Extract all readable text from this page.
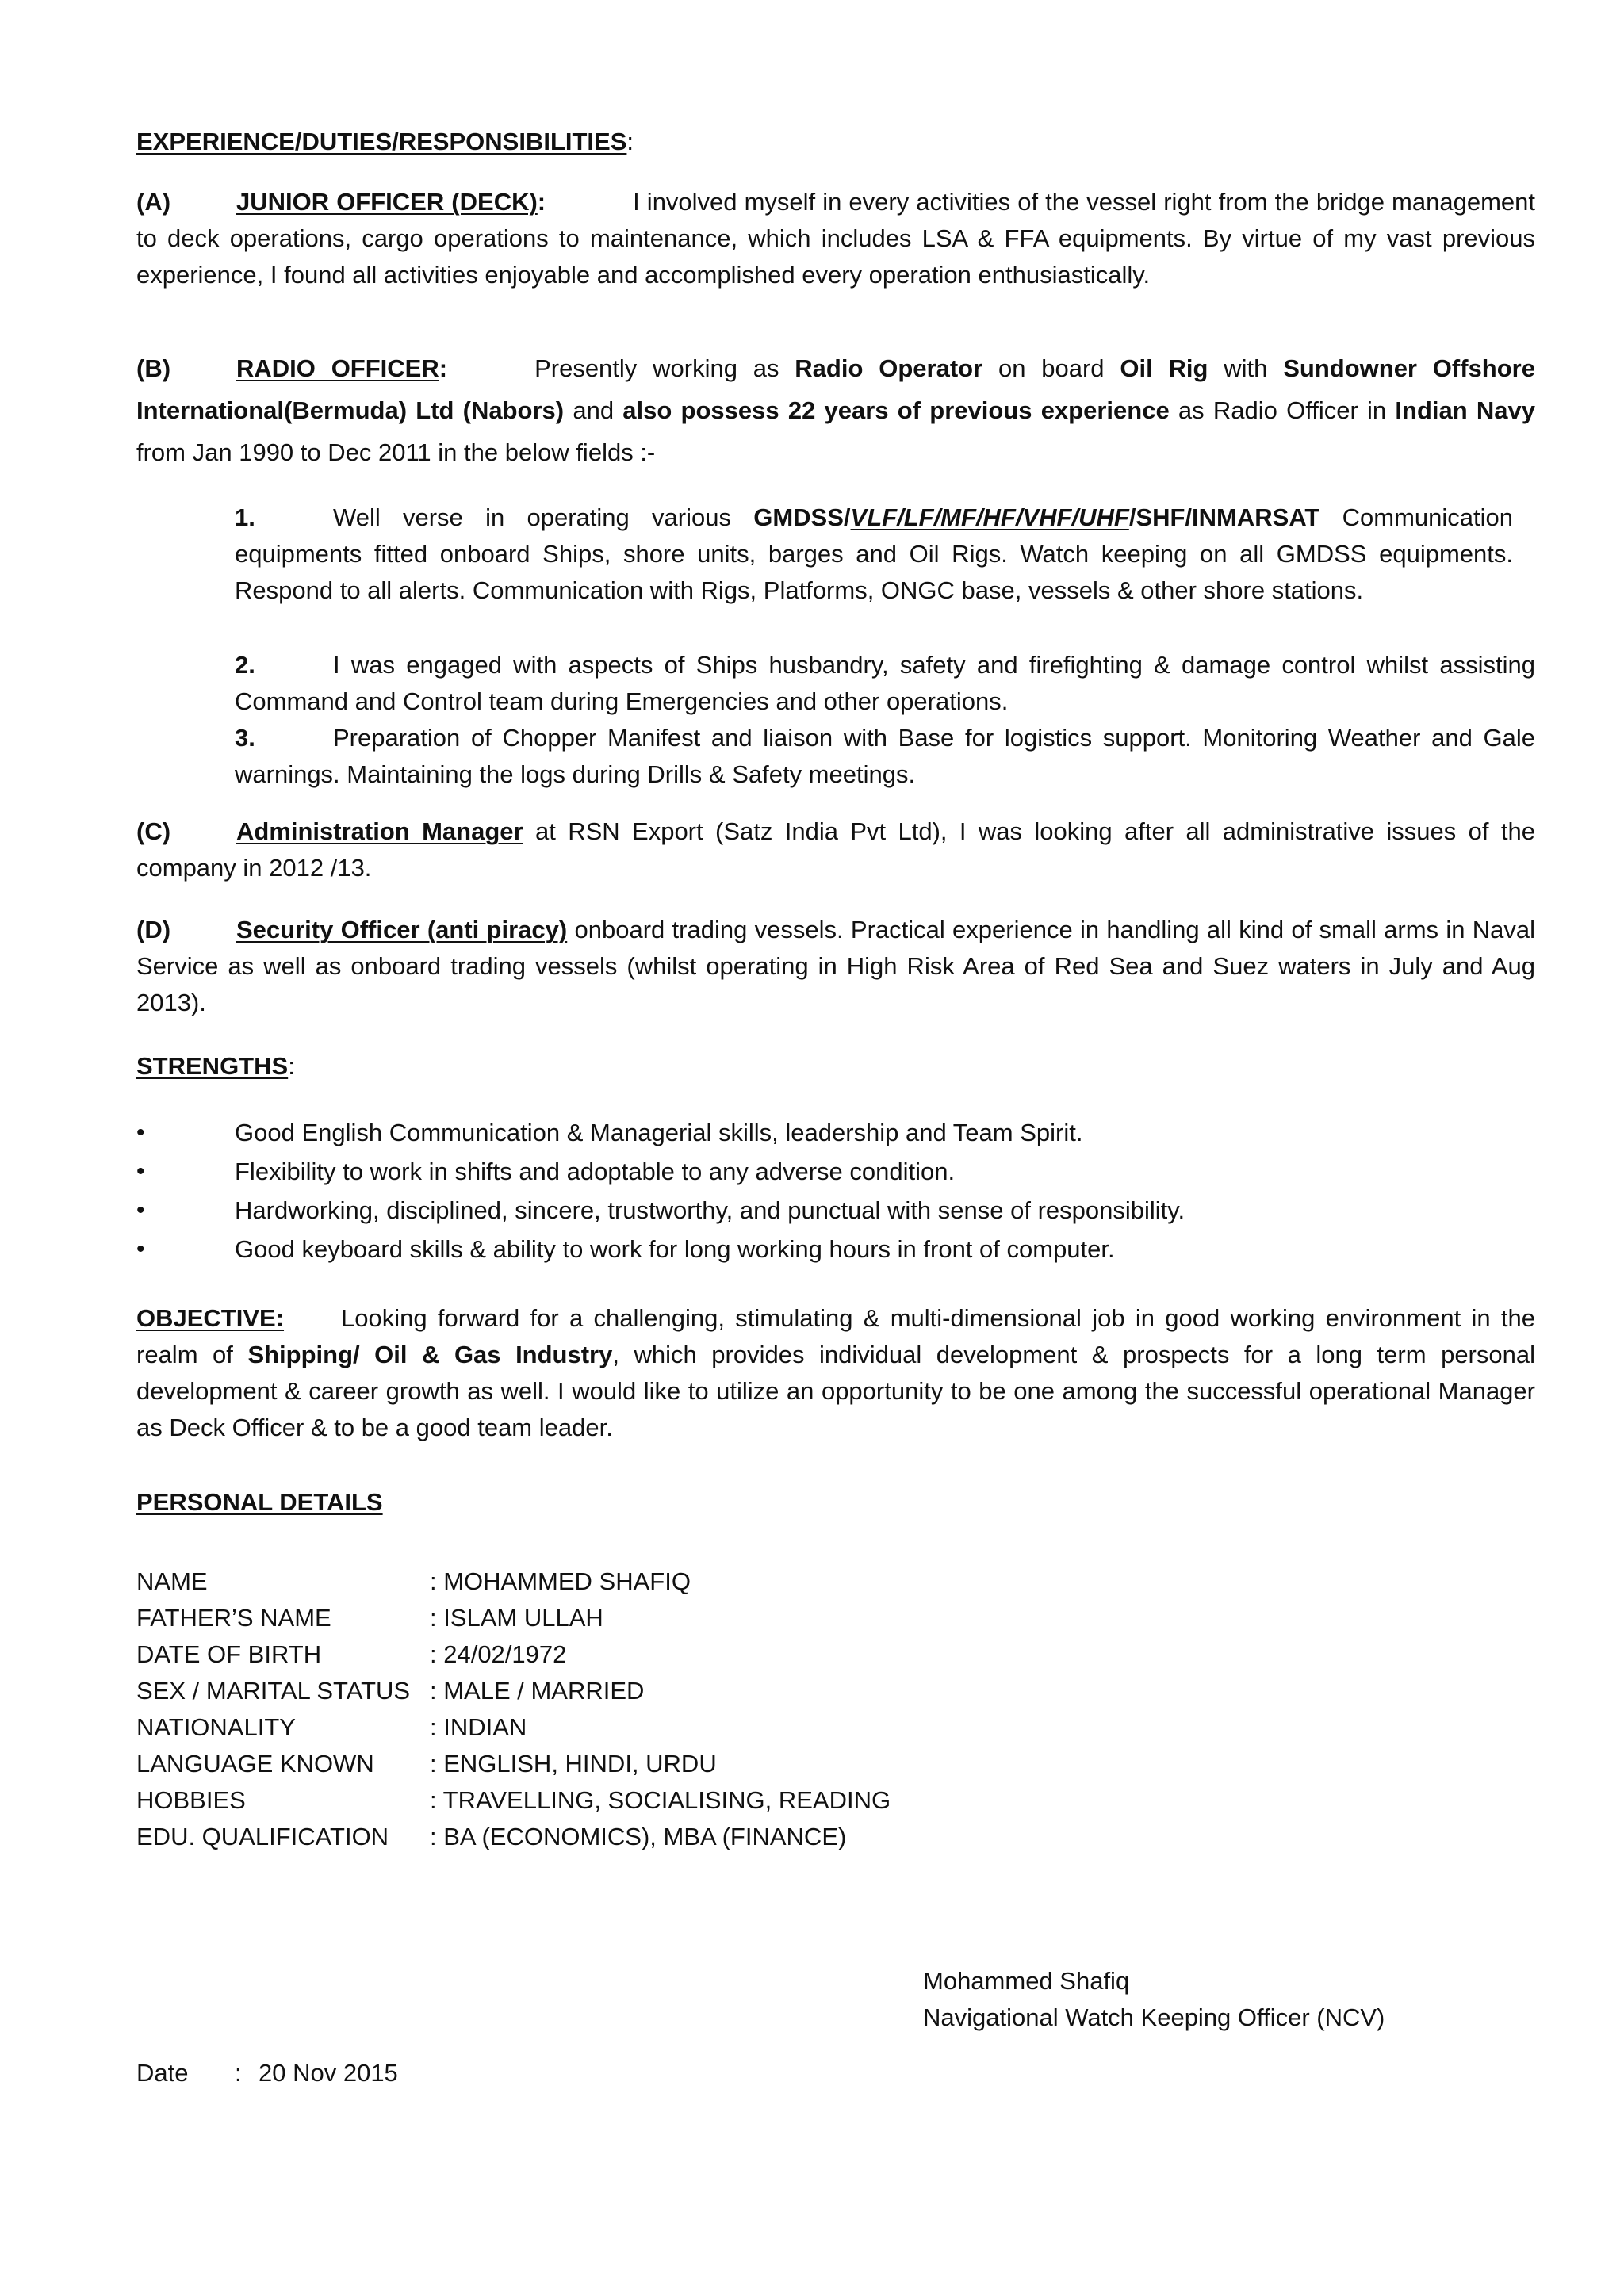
EXPERIENCE/DUTIES/RESPONSIBILITIES:

(A)	JUNIOR OFFICER (DECK):	I involved myself in every activities of the vessel right from the bridge management to deck operations, cargo operations to maintenance, which includes LSA & FFA equipments. By virtue of my vast previous experience, I found all activities enjoyable and accomplished every operation enthusiastically.

(B)	RADIO OFFICER:	Presently working as Radio Operator on board Oil Rig with Sundowner Offshore International(Bermuda) Ltd (Nabors) and also possess 22 years of previous experience as Radio Officer in Indian Navy from Jan 1990 to Dec 2011 in the below fields :-

1.	Well verse in operating various GMDSS/VLF/LF/MF/HF/VHF/UHF/SHF/INMARSAT Communication equipments fitted onboard Ships, shore units, barges and Oil Rigs. Watch keeping on all GMDSS equipments. Respond to all alerts. Communication with Rigs, Platforms, ONGC base, vessels & other shore stations.

2.	I was engaged with aspects of Ships husbandry, safety and firefighting & damage control whilst assisting Command and Control team during Emergencies and other operations.

3.	Preparation of Chopper Manifest and liaison with Base for logistics support. Monitoring Weather and Gale warnings. Maintaining the logs during Drills & Safety meetings.

(C)	Administration Manager at RSN Export (Satz India Pvt Ltd), I was looking after all administrative issues of the company in 2012 /13.

(D)	Security Officer (anti piracy) onboard trading vessels. Practical experience in handling all kind of small arms in Naval Service as well as onboard trading vessels (whilst operating in High Risk Area of Red Sea and Suez waters in July and Aug 2013).

STRENGTHS:

•	Good English Communication & Managerial skills, leadership and Team Spirit.
•	Flexibility to work in shifts and adoptable to any adverse condition.
•	Hardworking, disciplined, sincere, trustworthy, and punctual with sense of responsibility.
•	Good keyboard skills & ability to work for long working hours in front of computer.

OBJECTIVE: Looking forward for a challenging, stimulating & multi-dimensional job in good working environment in the realm of Shipping/ Oil & Gas Industry, which provides individual development & prospects for a long term personal development & career growth as well. I would like to utilize an opportunity to be one among the successful operational Manager as Deck Officer & to be a good team leader.

PERSONAL DETAILS

NAME	: MOHAMMED SHAFIQ
FATHER’S NAME	: ISLAM ULLAH
DATE OF BIRTH	: 24/02/1972
SEX / MARITAL STATUS	: MALE / MARRIED
NATIONALITY	: INDIAN
LANGUAGE KNOWN	: ENGLISH, HINDI, URDU
HOBBIES	: TRAVELLING, SOCIALISING, READING
EDU. QUALIFICATION	: BA (ECONOMICS), MBA (FINANCE)
Mohammed Shafiq
Navigational Watch Keeping Officer (NCV)

Date : 20 Nov 2015
